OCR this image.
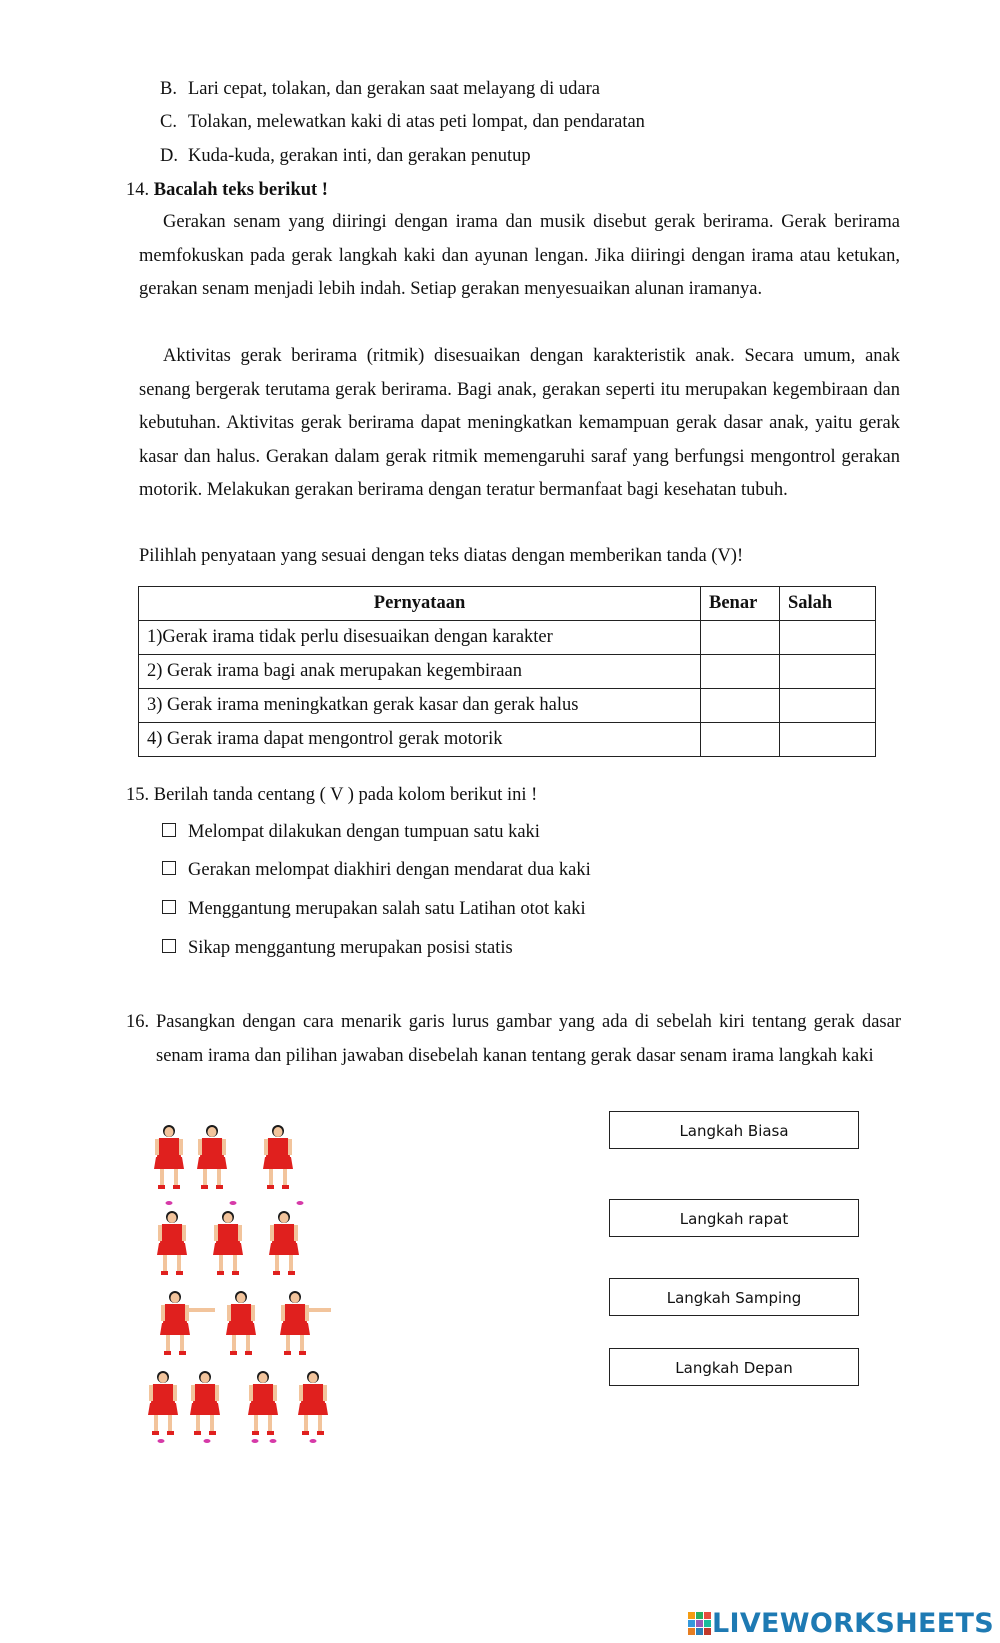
B. Lari cepat, tolakan, dan gerakan saat melayang di udara
C. Tolakan, melewatkan kaki di atas peti lompat, dan pendaratan
D. Kuda-kuda, gerakan inti, dan gerakan penutup
14. Bacalah teks berikut !

Gerakan senam yang diiringi dengan irama dan musik disebut gerak berirama. Gerak berirama memfokuskan pada gerak langkah kaki dan ayunan lengan. Jika diiringi dengan irama atau ketukan, gerakan senam menjadi lebih indah. Setiap gerakan menyesuaikan alunan iramanya.

Aktivitas gerak berirama (ritmik) disesuaikan dengan karakteristik anak. Secara umum, anak senang bergerak terutama gerak berirama. Bagi anak, gerakan seperti itu merupakan kegembiraan dan kebutuhan. Aktivitas gerak berirama dapat meningkatkan kemampuan gerak dasar anak, yaitu gerak kasar dan halus. Gerakan dalam gerak ritmik memengaruhi saraf yang berfungsi mengontrol gerakan motorik. Melakukan gerakan berirama dengan teratur bermanfaat bagi kesehatan tubuh.

Pilihlah penyataan yang sesuai dengan teks diatas dengan memberikan tanda (V)!
Pernyataan	Benar	Salah
1)Gerak irama tidak perlu disesuaikan dengan karakter		
2) Gerak irama bagi anak merupakan kegembiraan		
3) Gerak irama meningkatkan gerak kasar dan gerak halus		
4) Gerak irama dapat mengontrol gerak motorik		
15. Berilah tanda centang ( V ) pada kolom berikut ini !
Melompat dilakukan dengan tumpuan satu kaki
Gerakan melompat diakhiri dengan mendarat dua kaki
Menggantung merupakan salah satu Latihan otot kaki
Sikap menggantung merupakan posisi statis
16. Pasangkan dengan cara menarik garis lurus gambar yang ada di sebelah kiri tentang gerak dasar senam irama dan pilihan jawaban disebelah kanan tentang gerak dasar senam irama langkah kaki
Langkah Biasa
Langkah rapat
Langkah Samping
Langkah Depan
LIVEWORKSHEETS
